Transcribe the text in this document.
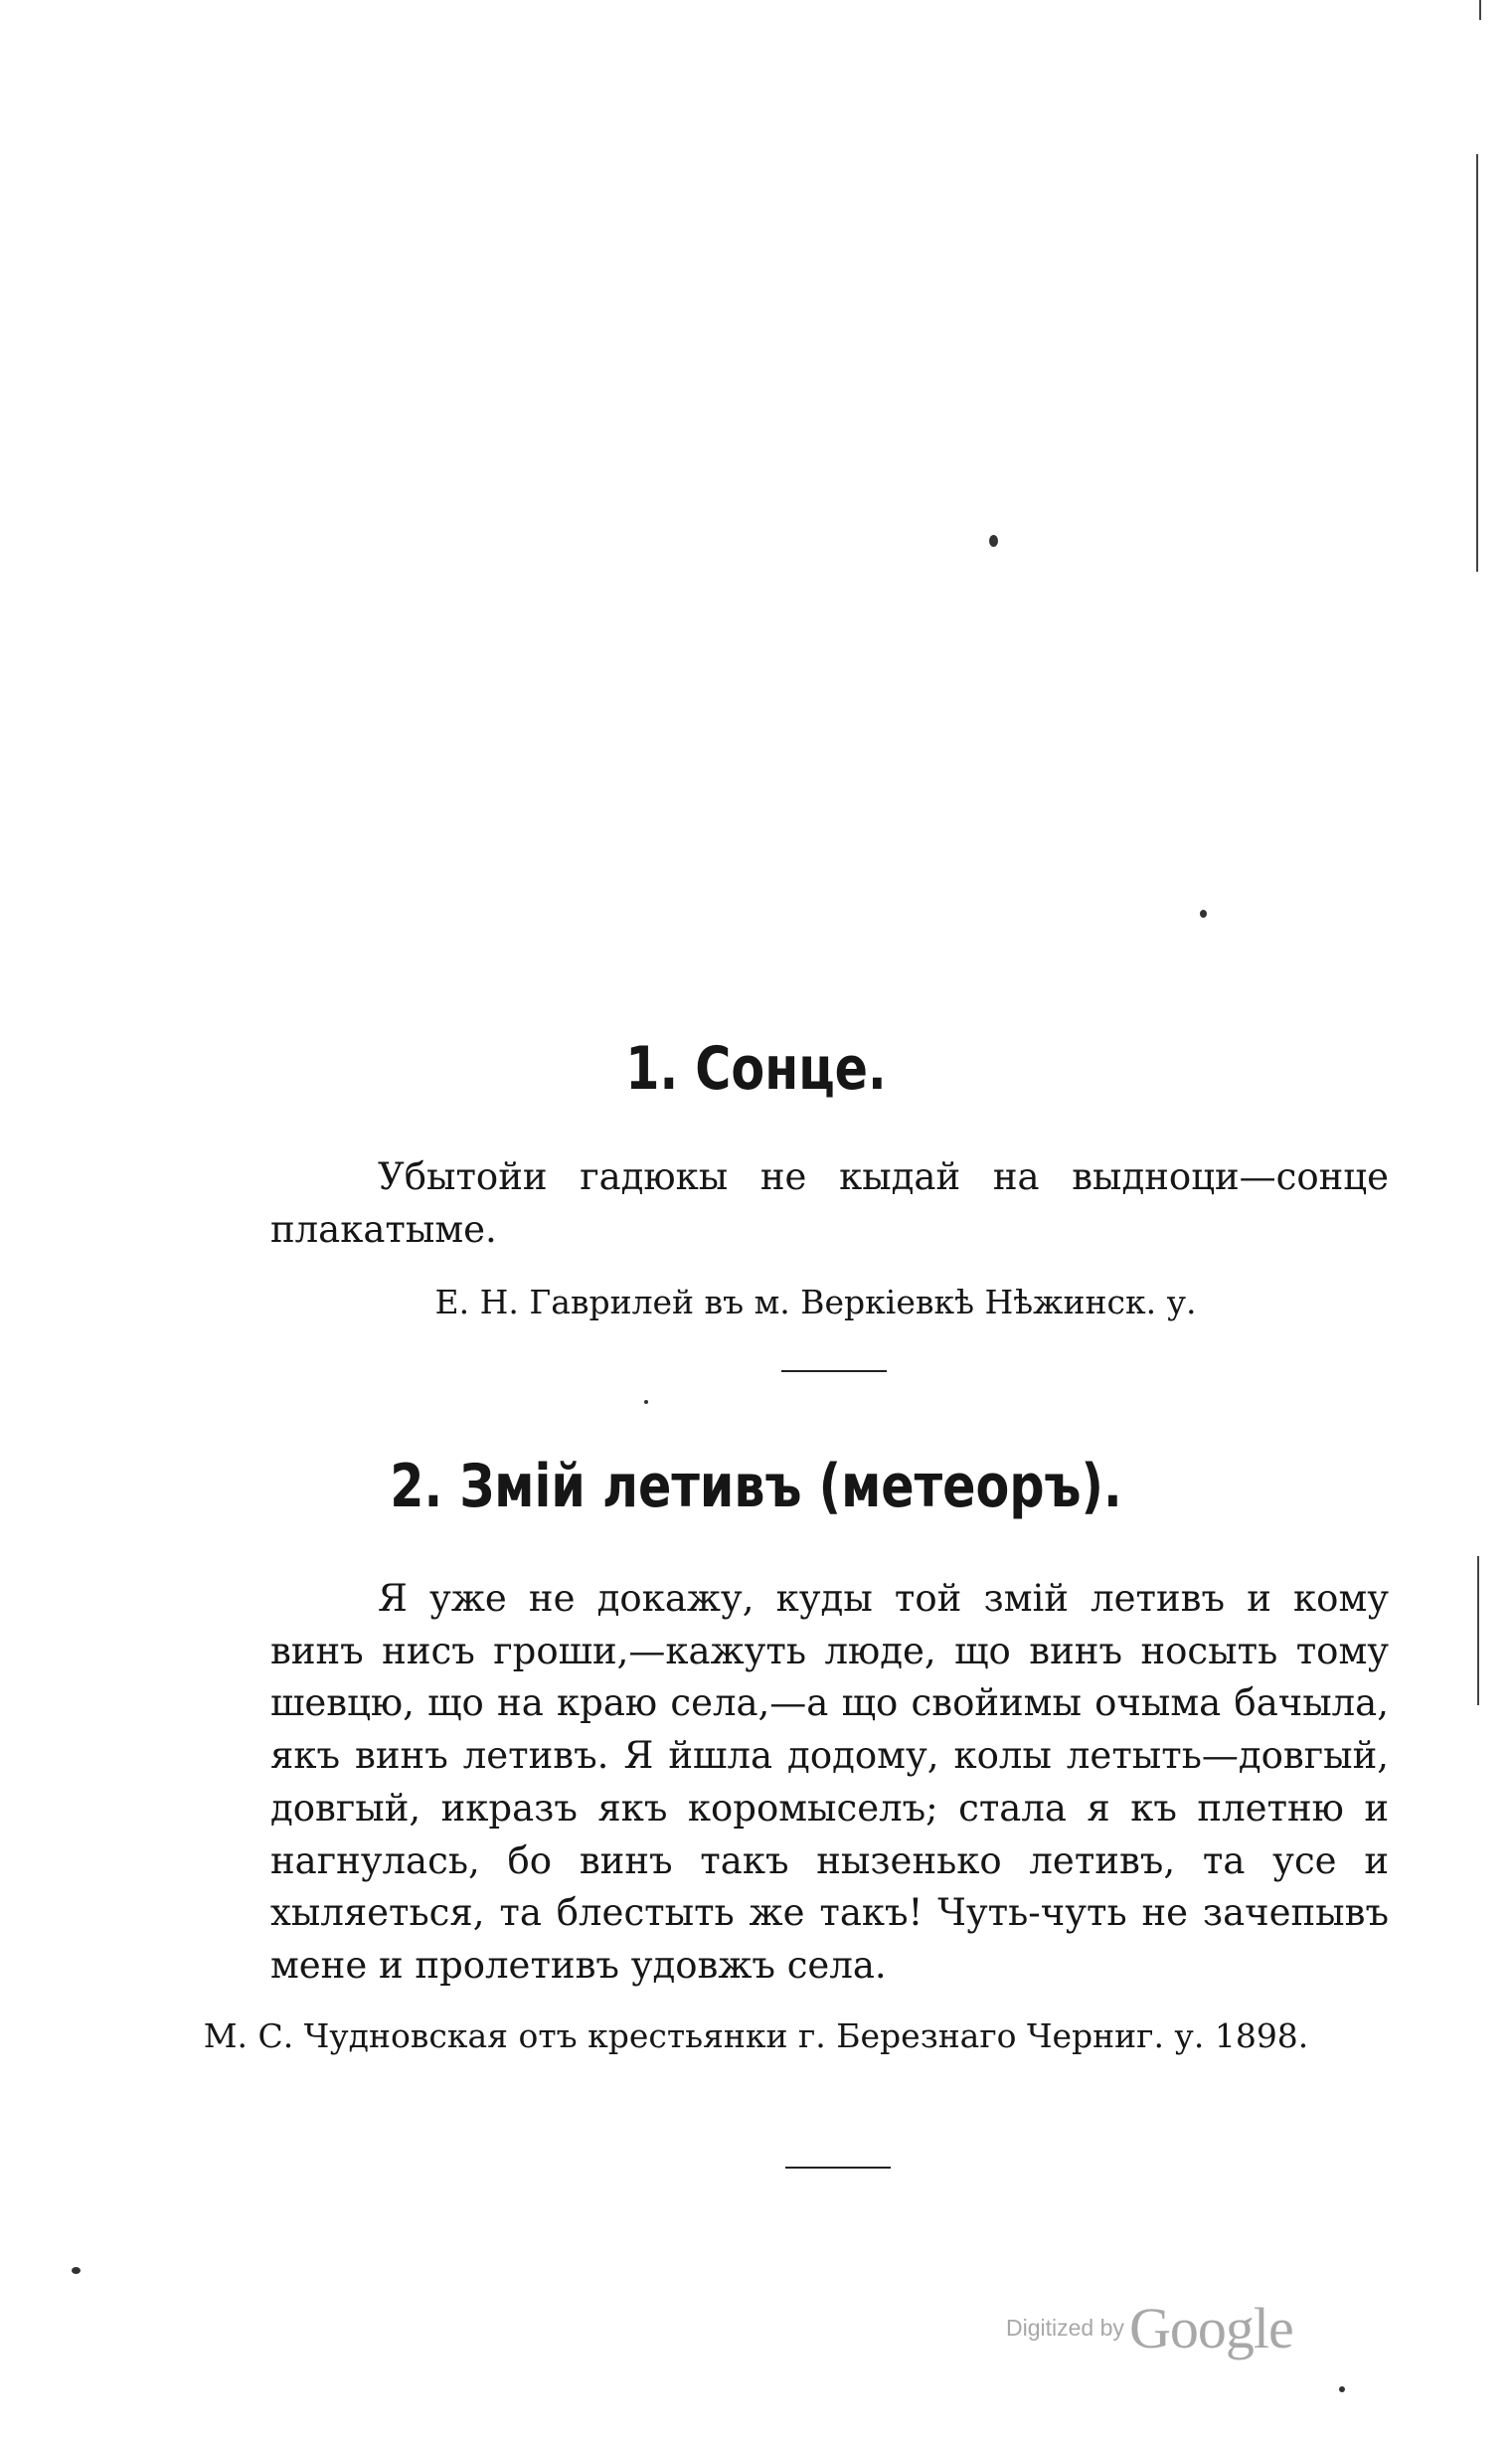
1. Сонце.

Убытойи гадюкы не кыдай на выдноци—сонце плакатыме.

Е. Н. Гаврилей въ м. Веркіевкѣ Нѣжинск. у.

2. Змій летивъ (метеоръ).

Я уже не докажу, куды той змій летивъ и кому винъ нисъ гроши,—кажуть люде, що винъ носыть тому шевцю, що на краю села,—а що свойимы очыма бачыла, якъ винъ летивъ. Я йшла додому, колы летыть—довгый, довгый, икразъ якъ коромыселъ; стала я къ плетню и нагнулась, бо винъ такъ нызенько летивъ, та усе и хыляеться, та блестыть же такъ! Чуть-чуть не зачепывъ мене и пролетивъ удовжъ села.

М. С. Чудновская отъ крестьянки г. Березнаго Черниг. у. 1898.

Digitized by Google
